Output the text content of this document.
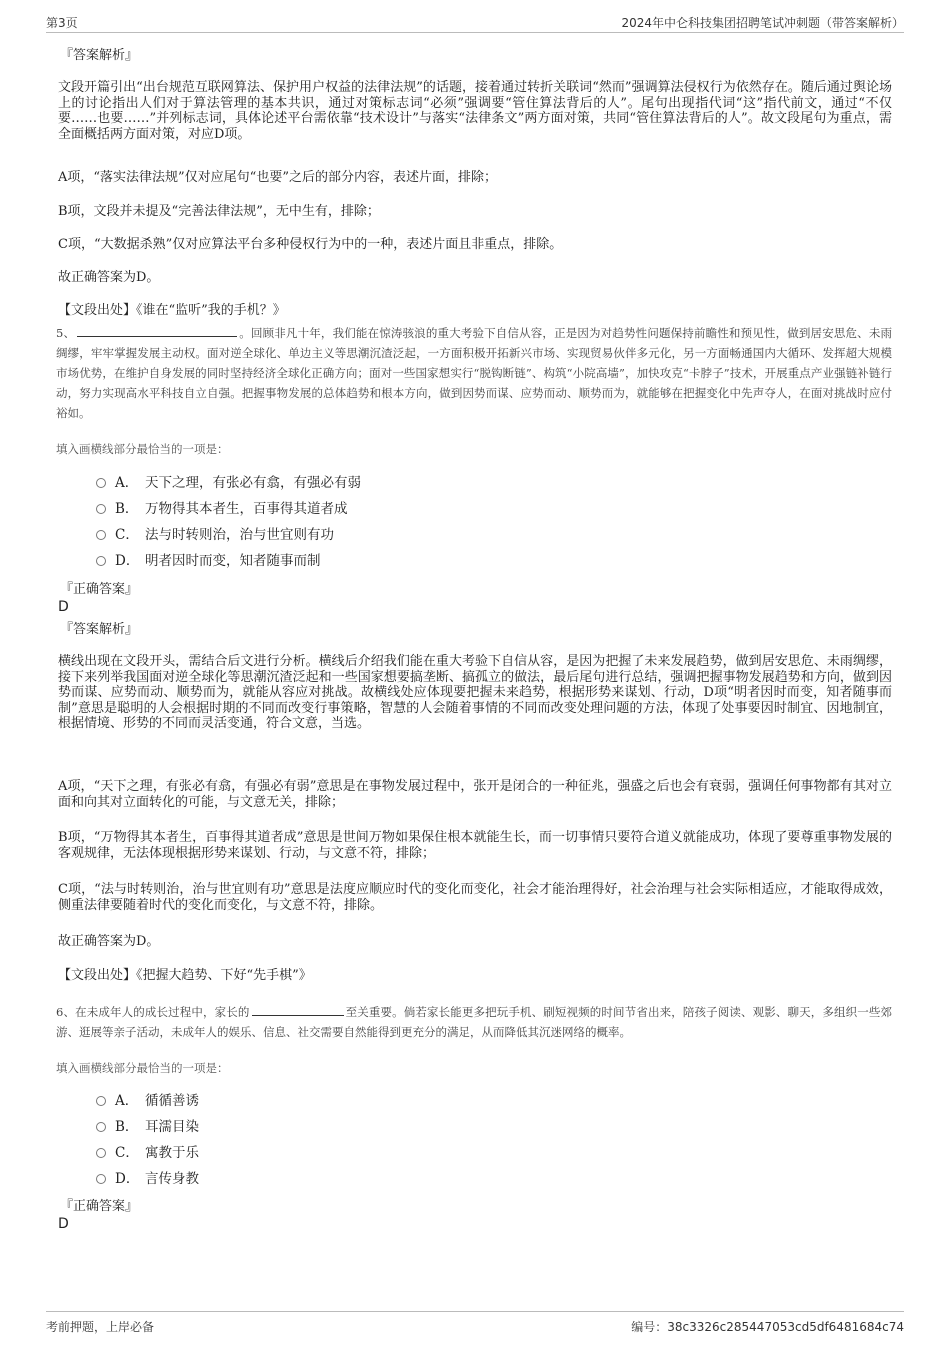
第3页	2024年中仑科技集团招聘笔试冲刺题（带答案解析）
『答案解析』
文段开篇引出“出台规范互联网算法、保护用户权益的法律法规”的话题，接着通过转折关联词“然而”强调算法侵权行为依然存在。随后通过舆论场上的讨论指出人们对于算法管理的基本共识，通过对策标志词“必须”强调要“管住算法背后的人”。尾句出现指代词“这”指代前文，通过“不仅要……也要……”并列标志词，具体论述平台需依靠“技术设计”与落实“法律条文”两方面对策，共同“管住算法背后的人”。故文段尾句为重点，需全面概括两方面对策，对应D项。
A项，“落实法律法规”仅对应尾句“也要”之后的部分内容，表述片面，排除；
B项，文段并未提及“完善法律法规”，无中生有，排除；
C项，“大数据杀熟”仅对应算法平台多种侵权行为中的一种，表述片面且非重点，排除。
故正确答案为D。
【文段出处】《谁在“监听”我的手机？》
5、	。回顾非凡十年，我们能在惊涛骇浪的重大考验下自信从容，正是因为对趋势性问题保持前瞻性和预见性，做到居安思危、未雨绸缪，牢牢掌握发展主动权。面对逆全球化、单边主义等思潮沉渣泛起，一方面积极开拓新兴市场、实现贸易伙伴多元化，另一方面畅通国内大循环、发挥超大规模市场优势，在维护自身发展的同时坚持经济全球化正确方向；面对一些国家想实行“脱钩断链”、构筑“小院高墙”，加快攻克“卡脖子”技术，开展重点产业强链补链行动，努力实现高水平科技自立自强。把握事物发展的总体趋势和根本方向，做到因势而谋、应势而动、顺势而为，就能够在把握变化中先声夺人，在面对挑战时应付裕如。
填入画横线部分最恰当的一项是：
A． 天下之理，有张必有翕，有强必有弱
B． 万物得其本者生，百事得其道者成
C． 法与时转则治，治与世宜则有功
D． 明者因时而变，知者随事而制
『正确答案』
D
『答案解析』
横线出现在文段开头，需结合后文进行分析。横线后介绍我们能在重大考验下自信从容，是因为把握了未来发展趋势，做到居安思危、未雨绸缪，接下来列举我国面对逆全球化等思潮沉渣泛起和一些国家想要搞垄断、搞孤立的做法，最后尾句进行总结，强调把握事物发展趋势和方向，做到因势而谋、应势而动、顺势而为，就能从容应对挑战。故横线处应体现要把握未来趋势，根据形势来谋划、行动，D项“明者因时而变，知者随事而制”意思是聪明的人会根据时期的不同而改变行事策略，智慧的人会随着事情的不同而改变处理问题的方法，体现了处事要因时制宜、因地制宜，根据情境、形势的不同而灵活变通，符合文意，当选。
A项，“天下之理，有张必有翕，有强必有弱”意思是在事物发展过程中，张开是闭合的一种征兆，强盛之后也会有衰弱，强调任何事物都有其对立面和向其对立面转化的可能，与文意无关，排除；
B项，“万物得其本者生，百事得其道者成”意思是世间万物如果保住根本就能生长，而一切事情只要符合道义就能成功，体现了要尊重事物发展的客观规律，无法体现根据形势来谋划、行动，与文意不符，排除；
C项，“法与时转则治，治与世宜则有功”意思是法度应顺应时代的变化而变化，社会才能治理得好，社会治理与社会实际相适应，才能取得成效，侧重法律要随着时代的变化而变化，与文意不符，排除。
故正确答案为D。
【文段出处】《把握大趋势、下好“先手棋”》
6、在未成年人的成长过程中，家长的	至关重要。倘若家长能更多把玩手机、刷短视频的时间节省出来，陪孩子阅读、观影、聊天，多组织一些郊游、逛展等亲子活动，未成年人的娱乐、信息、社交需要自然能得到更充分的满足，从而降低其沉迷网络的概率。
填入画横线部分最恰当的一项是：
A． 循循善诱
B． 耳濡目染
C． 寓教于乐
D． 言传身教
『正确答案』
D
考前押题，上岸必备	编号：38c3326c285447053cd5df6481684c74
